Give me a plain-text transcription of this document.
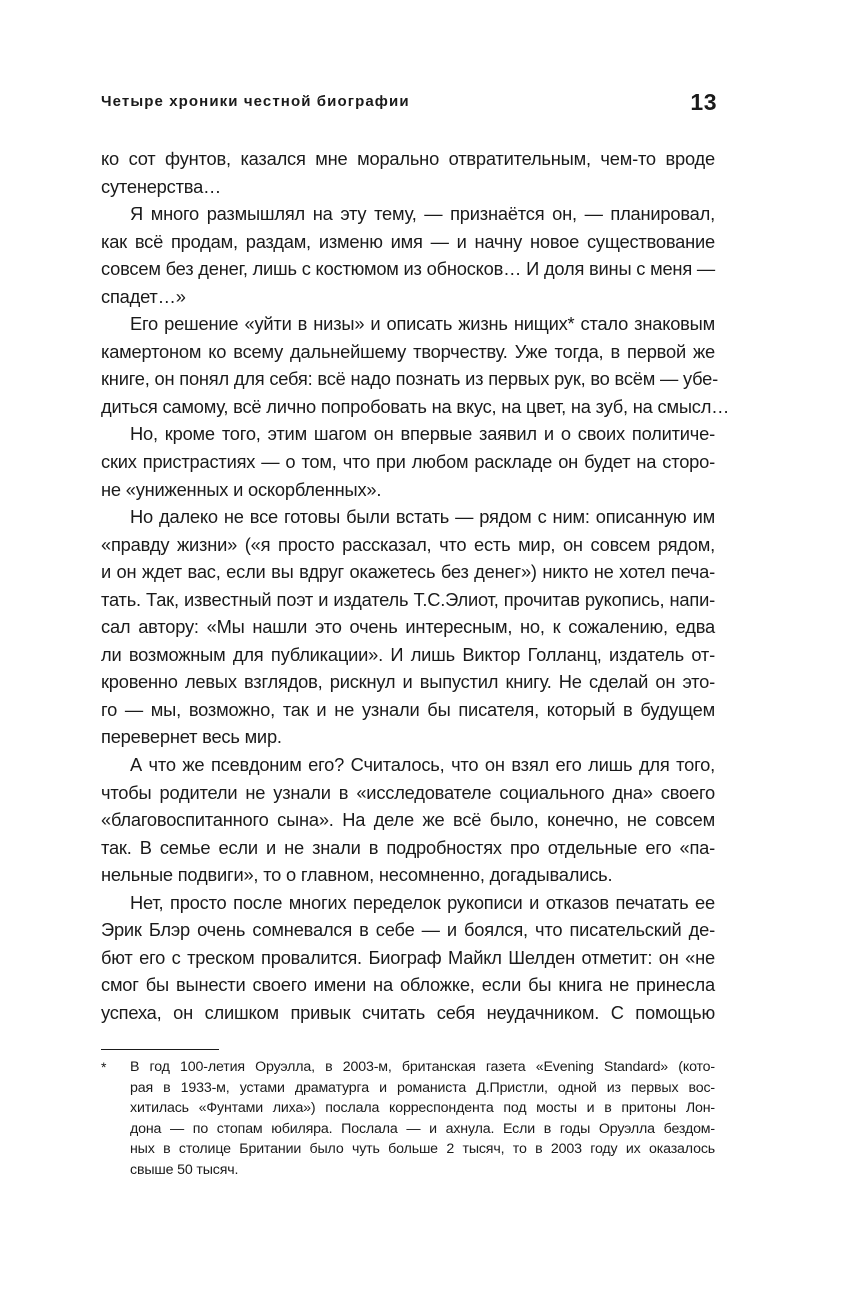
Четыре хроники честной биографии	13
ко сот фунтов, казался мне морально отвратительным, чем-то вроде
сутенерства…
Я много размышлял на эту тему, — признаётся он, — планировал,
как всё продам, раздам, изменю имя — и начну новое существование
совсем без денег, лишь с костюмом из обносков… И доля вины с меня —
спадет…»
Его решение «уйти в низы» и описать жизнь нищих* стало знаковым
камертоном ко всему дальнейшему творчеству. Уже тогда, в первой же
книге, он понял для себя: всё надо познать из первых рук, во всём — убе-
диться самому, всё лично попробовать на вкус, на цвет, на зуб, на смысл…
Но, кроме того, этим шагом он впервые заявил и о своих политиче-
ских пристрастиях — о том, что при любом раскладе он будет на сторо-
не «униженных и оскорбленных».
Но далеко не все готовы были встать — рядом с ним: описанную им
«правду жизни» («я просто рассказал, что есть мир, он совсем рядом,
и он ждет вас, если вы вдруг окажетесь без денег») никто не хотел печа-
тать. Так, известный поэт и издатель Т.С.Элиот, прочитав рукопись, напи-
сал автору: «Мы нашли это очень интересным, но, к сожалению, едва
ли возможным для публикации». И лишь Виктор Голланц, издатель от-
кровенно левых взглядов, рискнул и выпустил книгу. Не сделай он это-
го — мы, возможно, так и не узнали бы писателя, который в будущем
перевернет весь мир.
А что же псевдоним его? Считалось, что он взял его лишь для того,
чтобы родители не узнали в «исследователе социального дна» своего
«благовоспитанного сына». На деле же всё было, конечно, не совсем
так. В семье если и не знали в подробностях про отдельные его «па-
нельные подвиги», то о главном, несомненно, догадывались.
Нет, просто после многих переделок рукописи и отказов печатать ее
Эрик Блэр очень сомневался в себе — и боялся, что писательский де-
бют его с треском провалится. Биограф Майкл Шелден отметит: он «не
смог бы вынести своего имени на обложке, если бы книга не принесла
успеха, он слишком привык считать себя неудачником. С помощью
* В год 100-летия Оруэлла, в 2003-м, британская газета «Evening Standard» (кото-
рая в 1933-м, устами драматурга и романиста Д.Пристли, одной из первых вос-
хитилась «Фунтами лиха») послала корреспондента под мосты и в притоны Лон-
дона — по стопам юбиляра. Послала — и ахнула. Если в годы Оруэлла бездом-
ных в столице Британии было чуть больше 2 тысяч, то в 2003 году их оказалось
свыше 50 тысяч.
